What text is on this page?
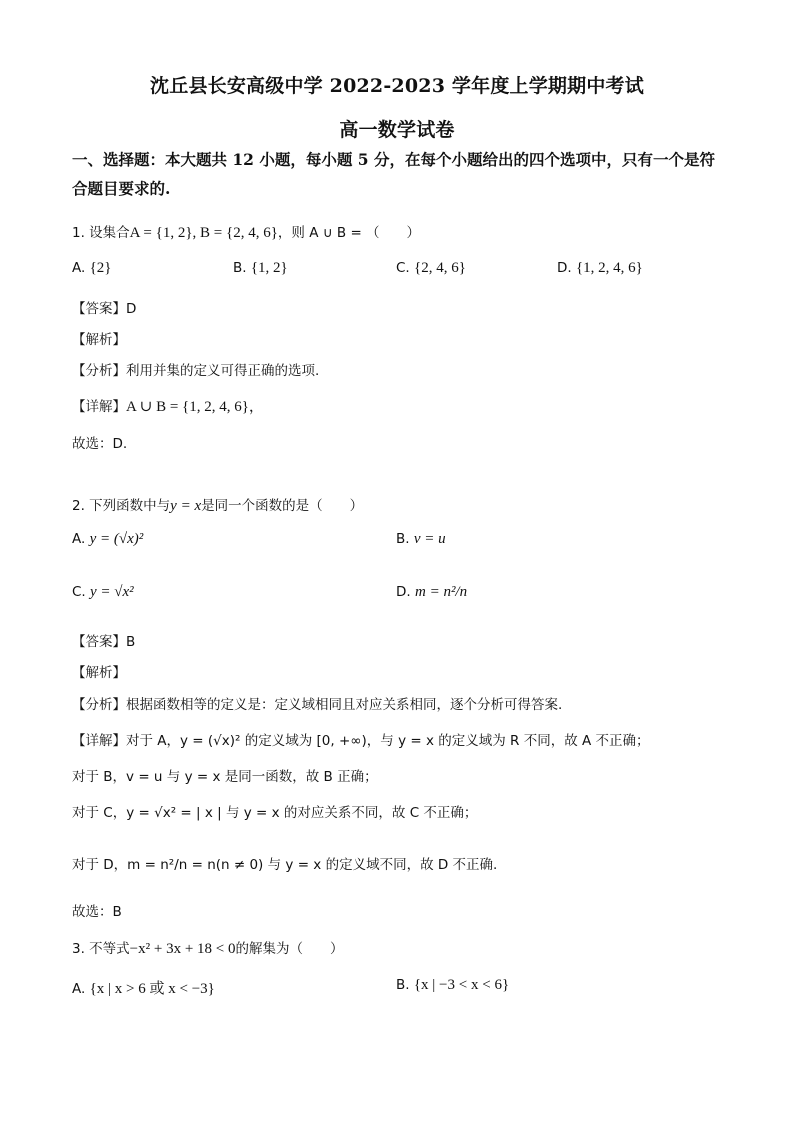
沈丘县长安高级中学 2022-2023 学年度上学期期中考试
高一数学试卷
一、选择题：本大题共 12 小题，每小题 5 分，在每个小题给出的四个选项中，只有一个是符
合题目要求的.
1. 设集合A = {1, 2}, B = {2, 4, 6}，则 A ∪ B = （　　）
A. {2}	B. {1, 2}	C. {2, 4, 6}	D. {1, 2, 4, 6}
【答案】D
【解析】
【分析】利用并集的定义可得正确的选项.
【详解】A ∪ B = {1, 2, 4, 6}，
故选：D.
2. 下列函数中与y = x是同一个函数的是（　　）
A. y = (√x)²	B. v = u
C. y = √x²	D. m = n²/n
【答案】B
【解析】
【分析】根据函数相等的定义是：定义域相同且对应关系相同，逐个分析可得答案.
【详解】对于 A，y = (√x)² 的定义域为 [0, +∞)，与 y = x 的定义域为 R 不同，故 A 不正确；
对于 B，v = u 与 y = x 是同一函数，故 B 正确；
对于 C，y = √x² = | x | 与 y = x 的对应关系不同，故 C 不正确；
对于 D，m = n²/n = n(n ≠ 0) 与 y = x 的定义域不同，故 D 不正确.
故选：B
3. 不等式−x² + 3x + 18 < 0的解集为（　　）
A. {x | x > 6 或 x < −3}	B. {x | −3 < x < 6}
